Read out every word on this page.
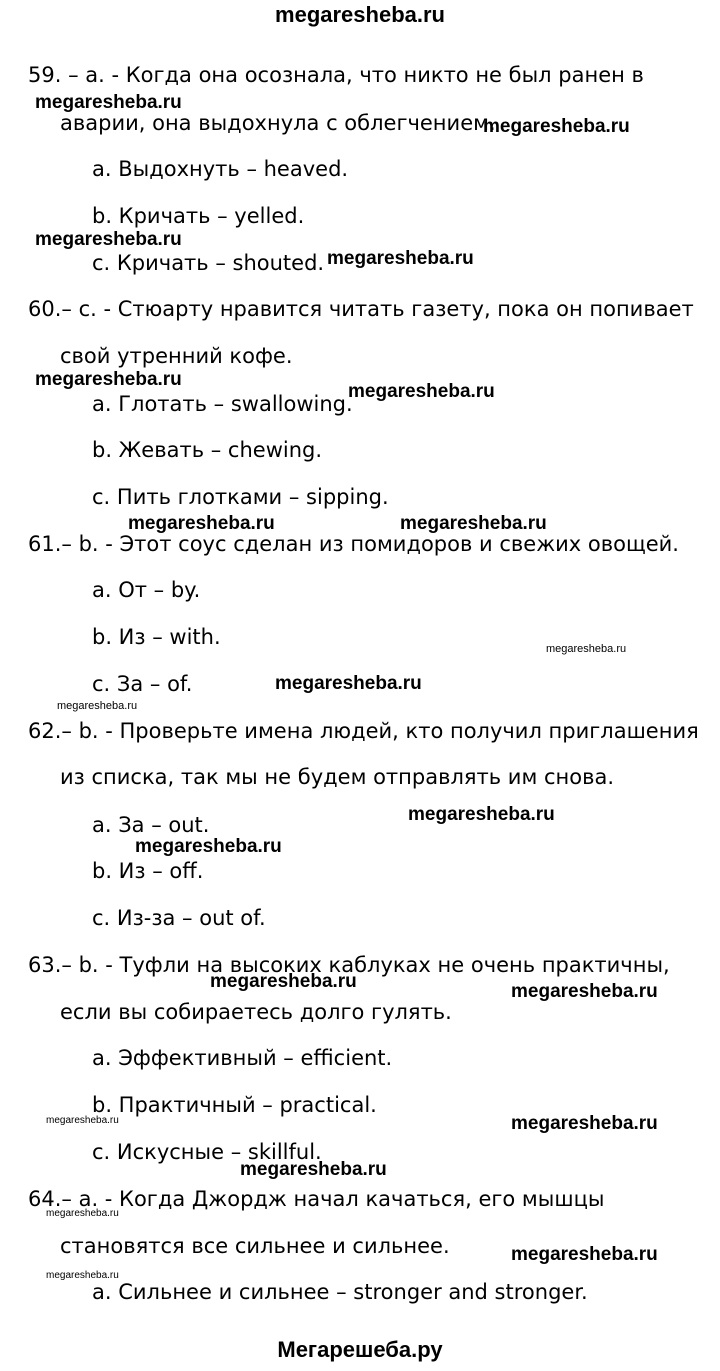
megaresheba.ru
59. – a. - Когда она осознала, что никто не был ранен в
аварии, она выдохнула с облегчением.
a. Выдохнуть – heaved.
b. Кричать – yelled.
c. Кричать – shouted.
60.– c. - Стюарту нравится читать газету, пока он попивает
свой утренний кофе.
a. Глотать – swallowing.
b. Жевать – chewing.
c. Пить глотками – sipping.
61.– b. - Этот соус сделан из помидоров и свежих овощей.
a. От – by.
b. Из – with.
c. За – of.
62.– b. - Проверьте имена людей, кто получил приглашения
из списка, так мы не будем отправлять им снова.
a. За – out.
b. Из – off.
c. Из-за – out of.
63.– b. - Туфли на высоких каблуках не очень практичны,
если вы собираетесь долго гулять.
a. Эффективный – efficient.
b. Практичный – practical.
c. Искусные – skillful.
64.– a. - Когда Джордж начал качаться, его мышцы
становятся все сильнее и сильнее.
a. Сильнее и сильнее – stronger and stronger.
megaresheba.ru
megaresheba.ru
megaresheba.ru
megaresheba.ru
megaresheba.ru
megaresheba.ru
megaresheba.ru	megaresheba.ru
megaresheba.ru
megaresheba.ru
megaresheba.ru
megaresheba.ru
megaresheba.ru
megaresheba.ru	megaresheba.ru
megaresheba.ru	megaresheba.ru
megaresheba.ru
megaresheba.ru
megaresheba.ru
megaresheba.ru
Мегарешеба.ру
